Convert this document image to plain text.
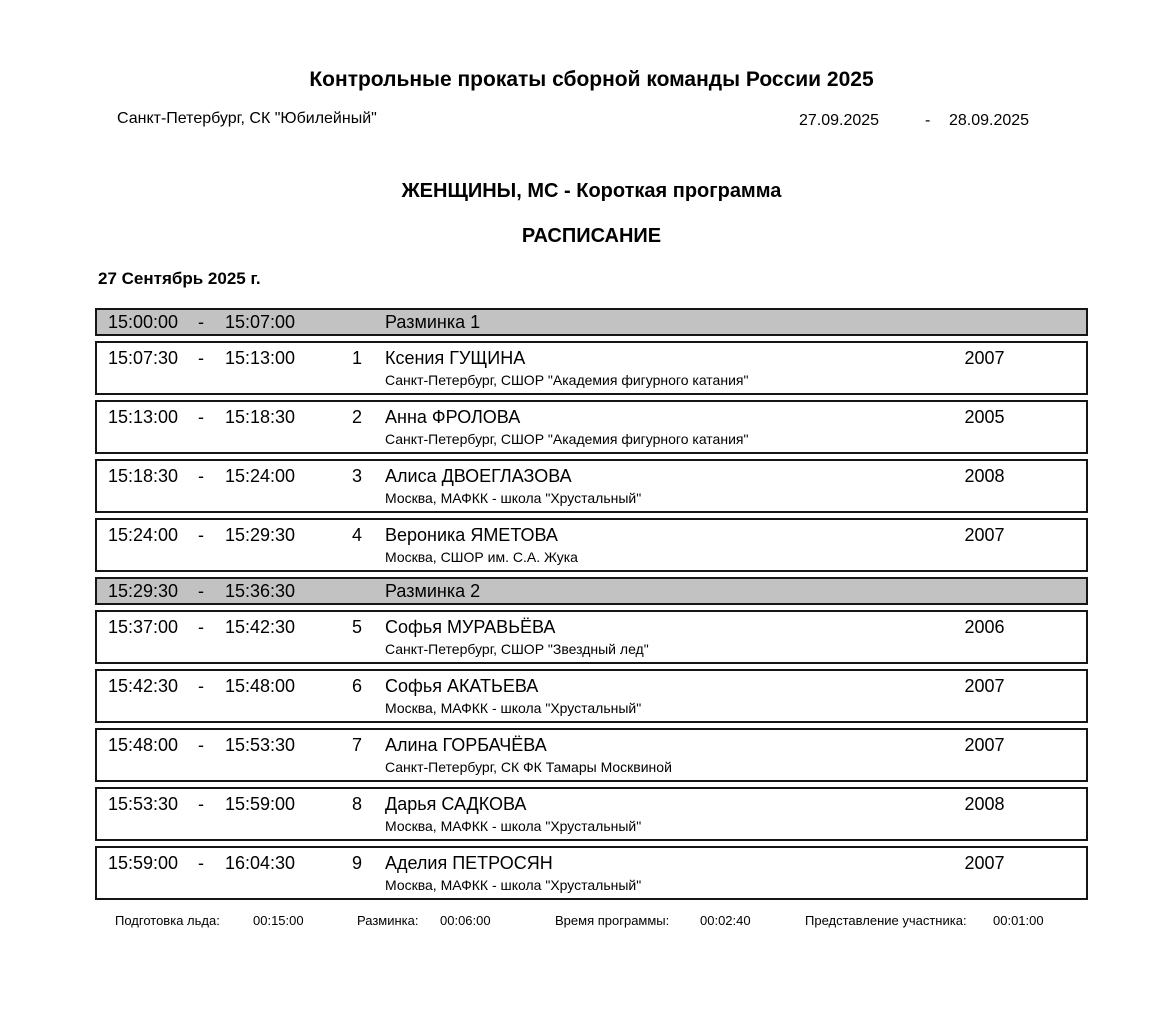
Контрольные прокаты сборной команды России 2025
Санкт-Петербург, СК "Юбилейный"	27.09.2025	- 28.09.2025
ЖЕНЩИНЫ, МС - Короткая программа
РАСПИСАНИЕ
27 Сентябрь 2025 г.
15:00:00 - 15:07:00	Разминка 1
15:07:30 - 15:13:00	1 Ксения ГУЩИНА	2007
Санкт-Петербург, СШОР "Академия фигурного катания"
15:13:00 - 15:18:30	2 Анна ФРОЛОВА	2005
Санкт-Петербург, СШОР "Академия фигурного катания"
15:18:30 - 15:24:00	3 Алиса ДВОЕГЛАЗОВА	2008
Москва, МАФКК - школа "Хрустальный"
15:24:00 - 15:29:30	4 Вероника ЯМЕТОВА	2007
Москва, СШОР им. С.А. Жука
15:29:30 - 15:36:30	Разминка 2
15:37:00 - 15:42:30	5 Софья МУРАВЬЁВА	2006
Санкт-Петербург, СШОР "Звездный лед"
15:42:30 - 15:48:00	6 Софья АКАТЬЕВА	2007
Москва, МАФКК - школа "Хрустальный"
15:48:00 - 15:53:30	7 Алина ГОРБАЧЁВА	2007
Санкт-Петербург, СК ФК Тамары Москвиной
15:53:30 - 15:59:00	8 Дарья САДКОВА	2008
Москва, МАФКК - школа "Хрустальный"
15:59:00 - 16:04:30	9 Аделия ПЕТРОСЯН	2007
Москва, МАФКК - школа "Хрустальный"
Подготовка льда:	00:15:00	Разминка: 00:06:00	Время программы: 00:02:40	Представление участника: 00:01:00
